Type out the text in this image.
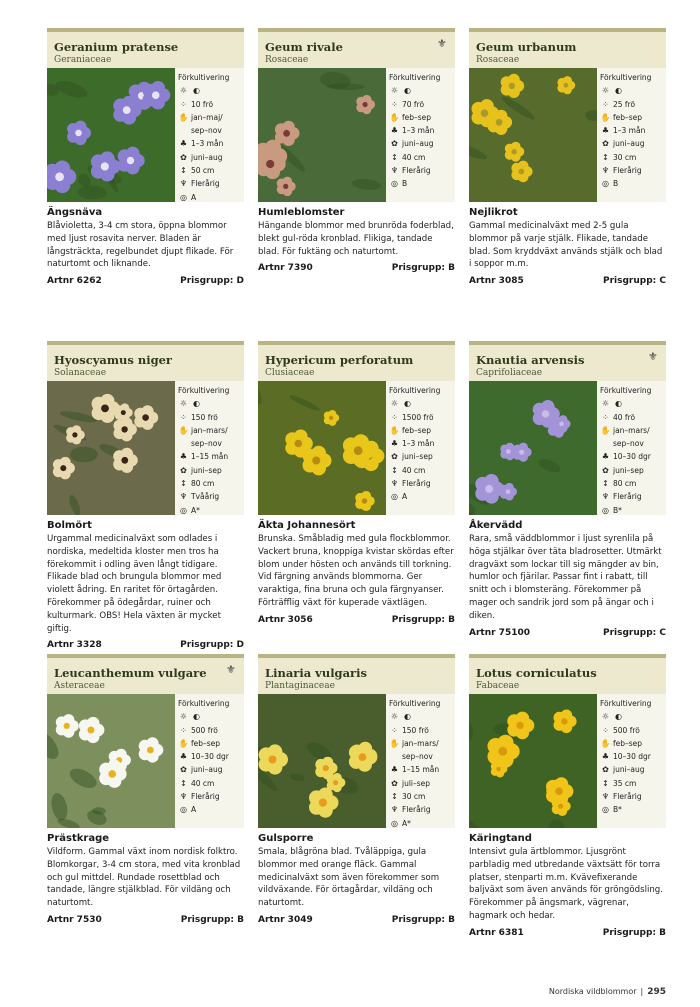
Geranium pratense
Geraniaceae
Förkultivering
☼ ◐
⁘ 10 frö
✋ jan–maj/
sep–nov
♣ 1–3 mån
✿ juni–aug
↕ 50 cm
♆ Flerårig
◎ A
Ängsnäva
Blåvioletta, 3-4 cm stora, öppna blommor med ljust rosavita nerver. Bladen är långsträckta, regelbundet djupt flikade. För naturtomt och liknande.
Artnr 6262	Prisgrupp: D
Geum rivale
Rosaceae
⚜
Förkultivering
☼ ◐
⁘ 70 frö
✋ feb–sep
♣ 1–3 mån
✿ juni–aug
↕ 40 cm
♆ Flerårig
◎ B
Humleblomster
Hängande blommor med brunröda foderblad, blekt gul-röda kronblad. Flikiga, tandade blad. För fuktäng och naturtomt.
Artnr 7390	Prisgrupp: B
Geum urbanum
Rosaceae
Förkultivering
☼ ◐
⁘ 25 frö
✋ feb–sep
♣ 1–3 mån
✿ juni–aug
↕ 30 cm
♆ Flerårig
◎ B
Nejlikrot
Gammal medicinalväxt med 2-5 gula blommor på varje stjälk. Flikade, tandade blad. Som kryddväxt används stjälk och blad i soppor m.m.
Artnr 3085	Prisgrupp: C
Hyoscyamus niger
Solanaceae
Förkultivering
☼ ◐
⁘ 150 frö
✋ jan–mars/
sep–nov
♣ 1–15 mån
✿ juni–sep
↕ 80 cm
♆ Tvåårig
◎ A*
Bolmört
Urgammal medicinalväxt som odlades i nordiska, medeltida kloster men tros ha förekommit i odling även långt tidigare. Flikade blad och brungula blommor med violett ådring. En raritet för örtagården. Förekommer på ödegårdar, ruiner och kulturmark. OBS! Hela växten är mycket giftig.
Artnr 3328	Prisgrupp: D
Hypericum perforatum
Clusiaceae
Förkultivering
☼ ◐
⁘ 1500 frö
✋ feb–sep
♣ 1–3 mån
✿ juni–sep
↕ 40 cm
♆ Flerårig
◎ A
Äkta Johannesört
Brunska. Småbladig med gula flockblommor. Vackert bruna, knoppiga kvistar skördas efter blom under hösten och används till torkning. Vid färgning används blommorna. Ger varaktiga, fina bruna och gula färgnyanser. Förträfflig växt för kuperade växtlägen.
Artnr 3056	Prisgrupp: B
Knautia arvensis
Caprifoliaceae
⚜
Förkultivering
☼ ◐
⁘ 40 frö
✋ jan–mars/
sep–nov
♣ 10–30 dgr
✿ juni–sep
↕ 80 cm
♆ Flerårig
◎ B*
Åkervädd
Rara, små väddblommor i ljust syrenlila på höga stjälkar över täta bladrosetter. Utmärkt dragväxt som lockar till sig mängder av bin, humlor och fjärilar. Passar fint i rabatt, till snitt och i blomsteräng. Förekommer på mager och sandrik jord som på ängar och i diken.
Artnr 75100	Prisgrupp: C
Leucanthemum vulgare
Asteraceae
⚜
Förkultivering
☼ ◐
⁘ 500 frö
✋ feb–sep
♣ 10–30 dgr
✿ juni–aug
↕ 40 cm
♆ Flerårig
◎ A
Prästkrage
Vildform. Gammal växt inom nordisk folktro. Blomkorgar, 3-4 cm stora, med vita kronblad och gul mittdel. Rundade rosettblad och tandade, längre stjälkblad. För vildäng och naturtomt.
Artnr 7530	Prisgrupp: B
Linaria vulgaris
Plantaginaceae
Förkultivering
☼ ◐
⁘ 150 frö
✋ jan–mars/
sep–nov
♣ 1–15 mån
✿ juli–sep
↕ 30 cm
♆ Flerårig
◎ A*
Gulsporre
Smala, blågröna blad. Tvåläppiga, gula blommor med orange fläck. Gammal medicinalväxt som även förekommer som vildväxande. För örtagårdar, vildäng och naturtomt.
Artnr 3049	Prisgrupp: B
Lotus corniculatus
Fabaceae
Förkultivering
☼ ◐
⁘ 500 frö
✋ feb–sep
♣ 10–30 dgr
✿ juni–aug
↕ 35 cm
♆ Flerårig
◎ B*
Käringtand
Intensivt gula ärtblommor. Ljusgrönt parbladig med utbredande växtsätt för torra platser, stenparti m.m. Kvävefixerande baljväxt som även används för gröngödsling. Förekommer på ängsmark, vägrenar, hagmark och hedar.
Artnr 6381	Prisgrupp: B
Nordiska vildblommor | 295
